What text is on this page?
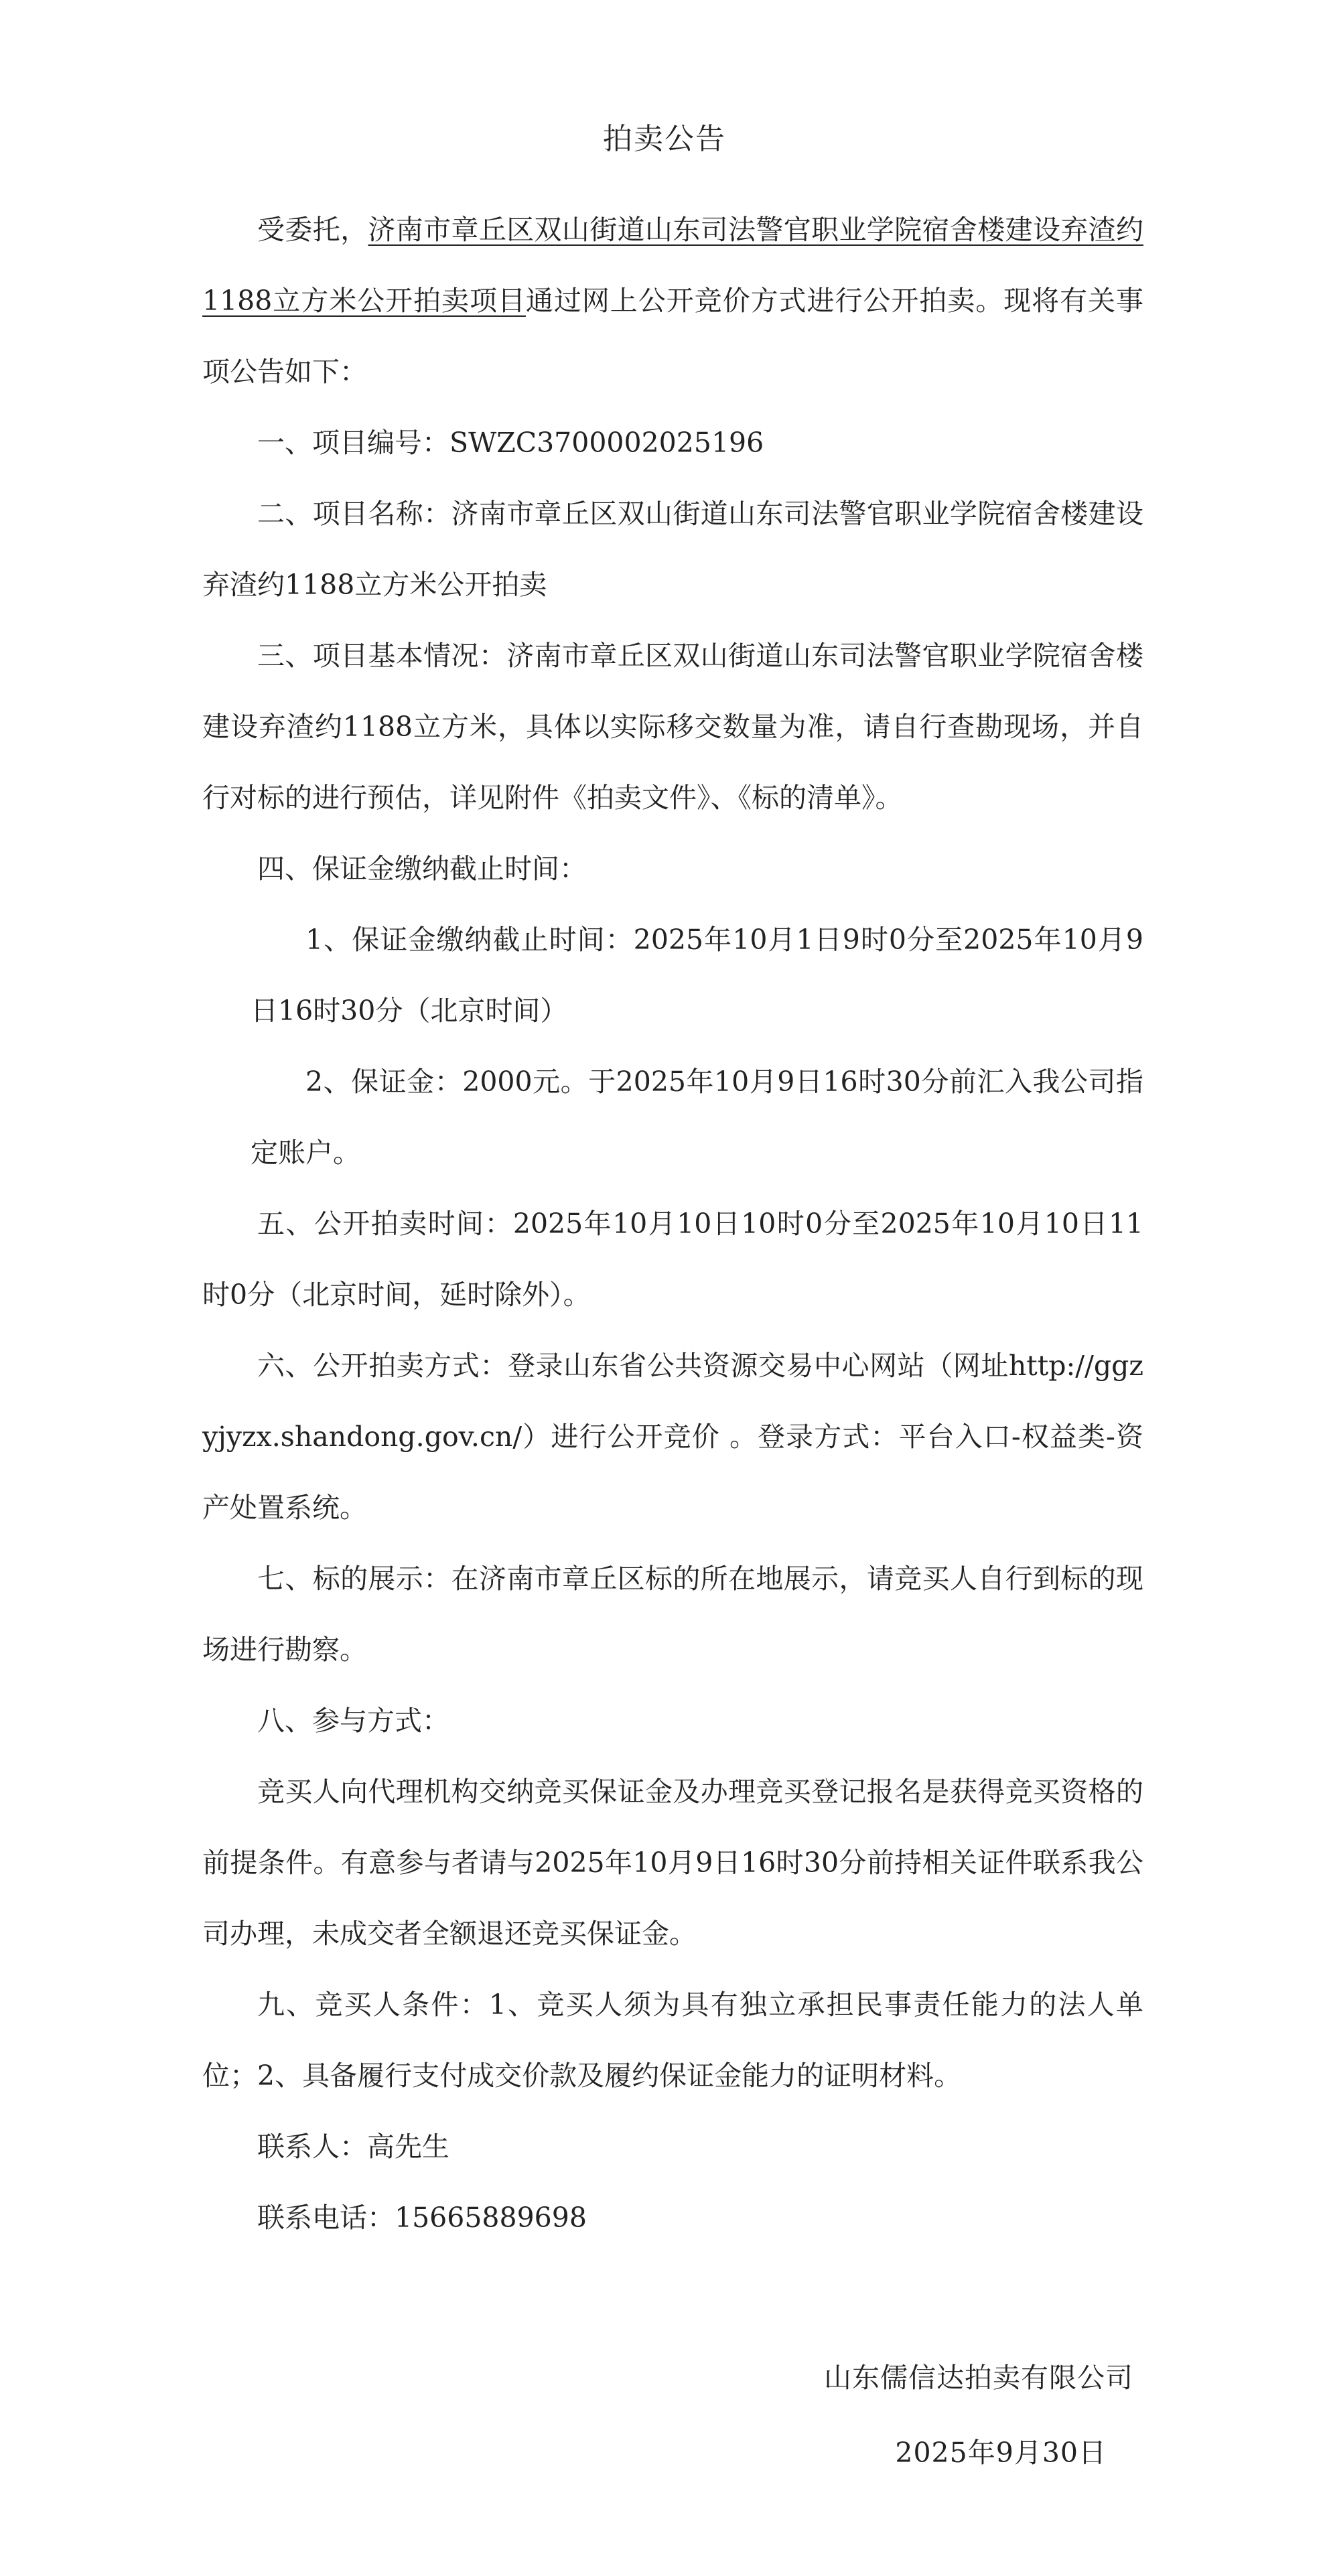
拍卖公告

受委托，济南市章丘区双山街道山东司法警官职业学院宿舍楼建设弃渣约1188立方米公开拍卖项目通过网上公开竞价方式进行公开拍卖。现将有关事项公告如下：

一、项目编号：SWZC3700002025196

二、项目名称：济南市章丘区双山街道山东司法警官职业学院宿舍楼建设弃渣约1188立方米公开拍卖

三、项目基本情况：济南市章丘区双山街道山东司法警官职业学院宿舍楼建设弃渣约1188立方米，具体以实际移交数量为准，请自行查勘现场，并自行对标的进行预估，详见附件《拍卖文件》、《标的清单》。

四、保证金缴纳截止时间：

1、保证金缴纳截止时间：2025年10月1日9时0分至2025年10月9日16时30分（北京时间）

2、保证金：2000元。于2025年10月9日16时30分前汇入我公司指定账户。

五、公开拍卖时间：2025年10月10日10时0分至2025年10月10日11时0分（北京时间，延时除外）。

六、公开拍卖方式：登录山东省公共资源交易中心网站（网址http://ggzyjyzx.shandong.gov.cn/）进行公开竞价 。登录方式：平台入口-权益类-资产处置系统。

七、标的展示：在济南市章丘区标的所在地展示，请竞买人自行到标的现场进行勘察。

八、参与方式：

竞买人向代理机构交纳竞买保证金及办理竞买登记报名是获得竞买资格的前提条件。有意参与者请与2025年10月9日16时30分前持相关证件联系我公司办理，未成交者全额退还竞买保证金。

九、竞买人条件：1、竞买人须为具有独立承担民事责任能力的法人单位；2、具备履行支付成交价款及履约保证金能力的证明材料。

联系人：高先生

联系电话：15665889698

山东儒信达拍卖有限公司
2025年9月30日
